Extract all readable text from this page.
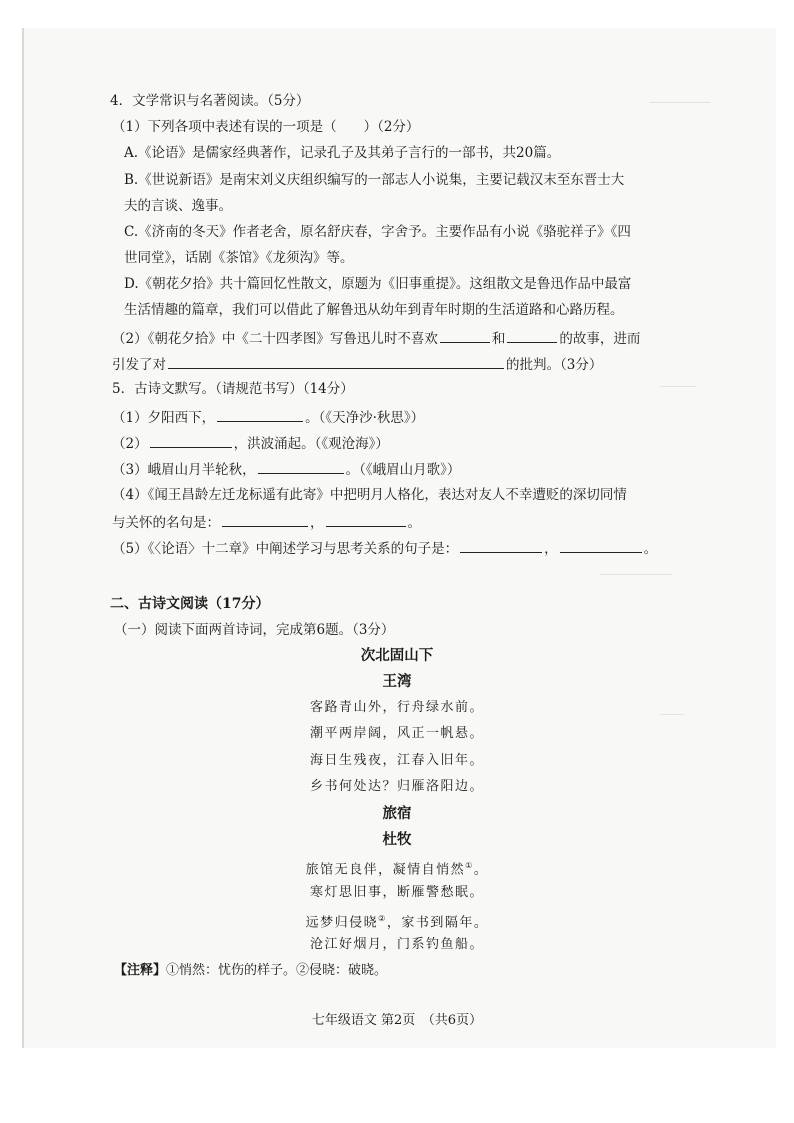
＿＿＿＿＿
＿＿＿
＿＿＿＿＿＿
＿＿
4．文学常识与名著阅读。（5分）
（1）下列各项中表述有误的一项是（　　）（2分）
A.《论语》是儒家经典著作，记录孔子及其弟子言行的一部书，共20篇。
B.《世说新语》是南宋刘义庆组织编写的一部志人小说集，主要记载汉末至东晋士大
夫的言谈、逸事。
C.《济南的冬天》作者老舍，原名舒庆春，字舍予。主要作品有小说《骆驼祥子》《四
世同堂》，话剧《茶馆》《龙须沟》等。
D.《朝花夕拾》共十篇回忆性散文，原题为《旧事重提》。这组散文是鲁迅作品中最富
生活情趣的篇章，我们可以借此了解鲁迅从幼年到青年时期的生活道路和心路历程。
（2）《朝花夕拾》中《二十四孝图》写鲁迅儿时不喜欢	和	的故事，进而
引发了对	的批判。（3分）
5．古诗文默写。（请规范书写）（14分）
（1）夕阳西下，	。（《天净沙·秋思》）
（2）	，洪波涌起。（《观沧海》）
（3）峨眉山月半轮秋，	。（《峨眉山月歌》）
（4）《闻王昌龄左迁龙标遥有此寄》中把明月人格化，表达对友人不幸遭贬的深切同情
与关怀的名句是：	，	。
（5）《〈论语〉十二章》中阐述学习与思考关系的句子是：	，	。
二、古诗文阅读（17分）
（一）阅读下面两首诗词，完成第6题。（3分）
次北固山下
王湾
客路青山外，行舟绿水前。
潮平两岸阔，风正一帆悬。
海日生残夜，江春入旧年。
乡书何处达？归雁洛阳边。
旅宿
杜牧
旅馆无良伴，凝情自悄然①。
寒灯思旧事，断雁警愁眠。
远梦归侵晓②，家书到隔年。
沧江好烟月，门系钓鱼船。
【注释】①悄然：忧伤的样子。②侵晓：破晓。
七年级语文 第2页　（共6页）
